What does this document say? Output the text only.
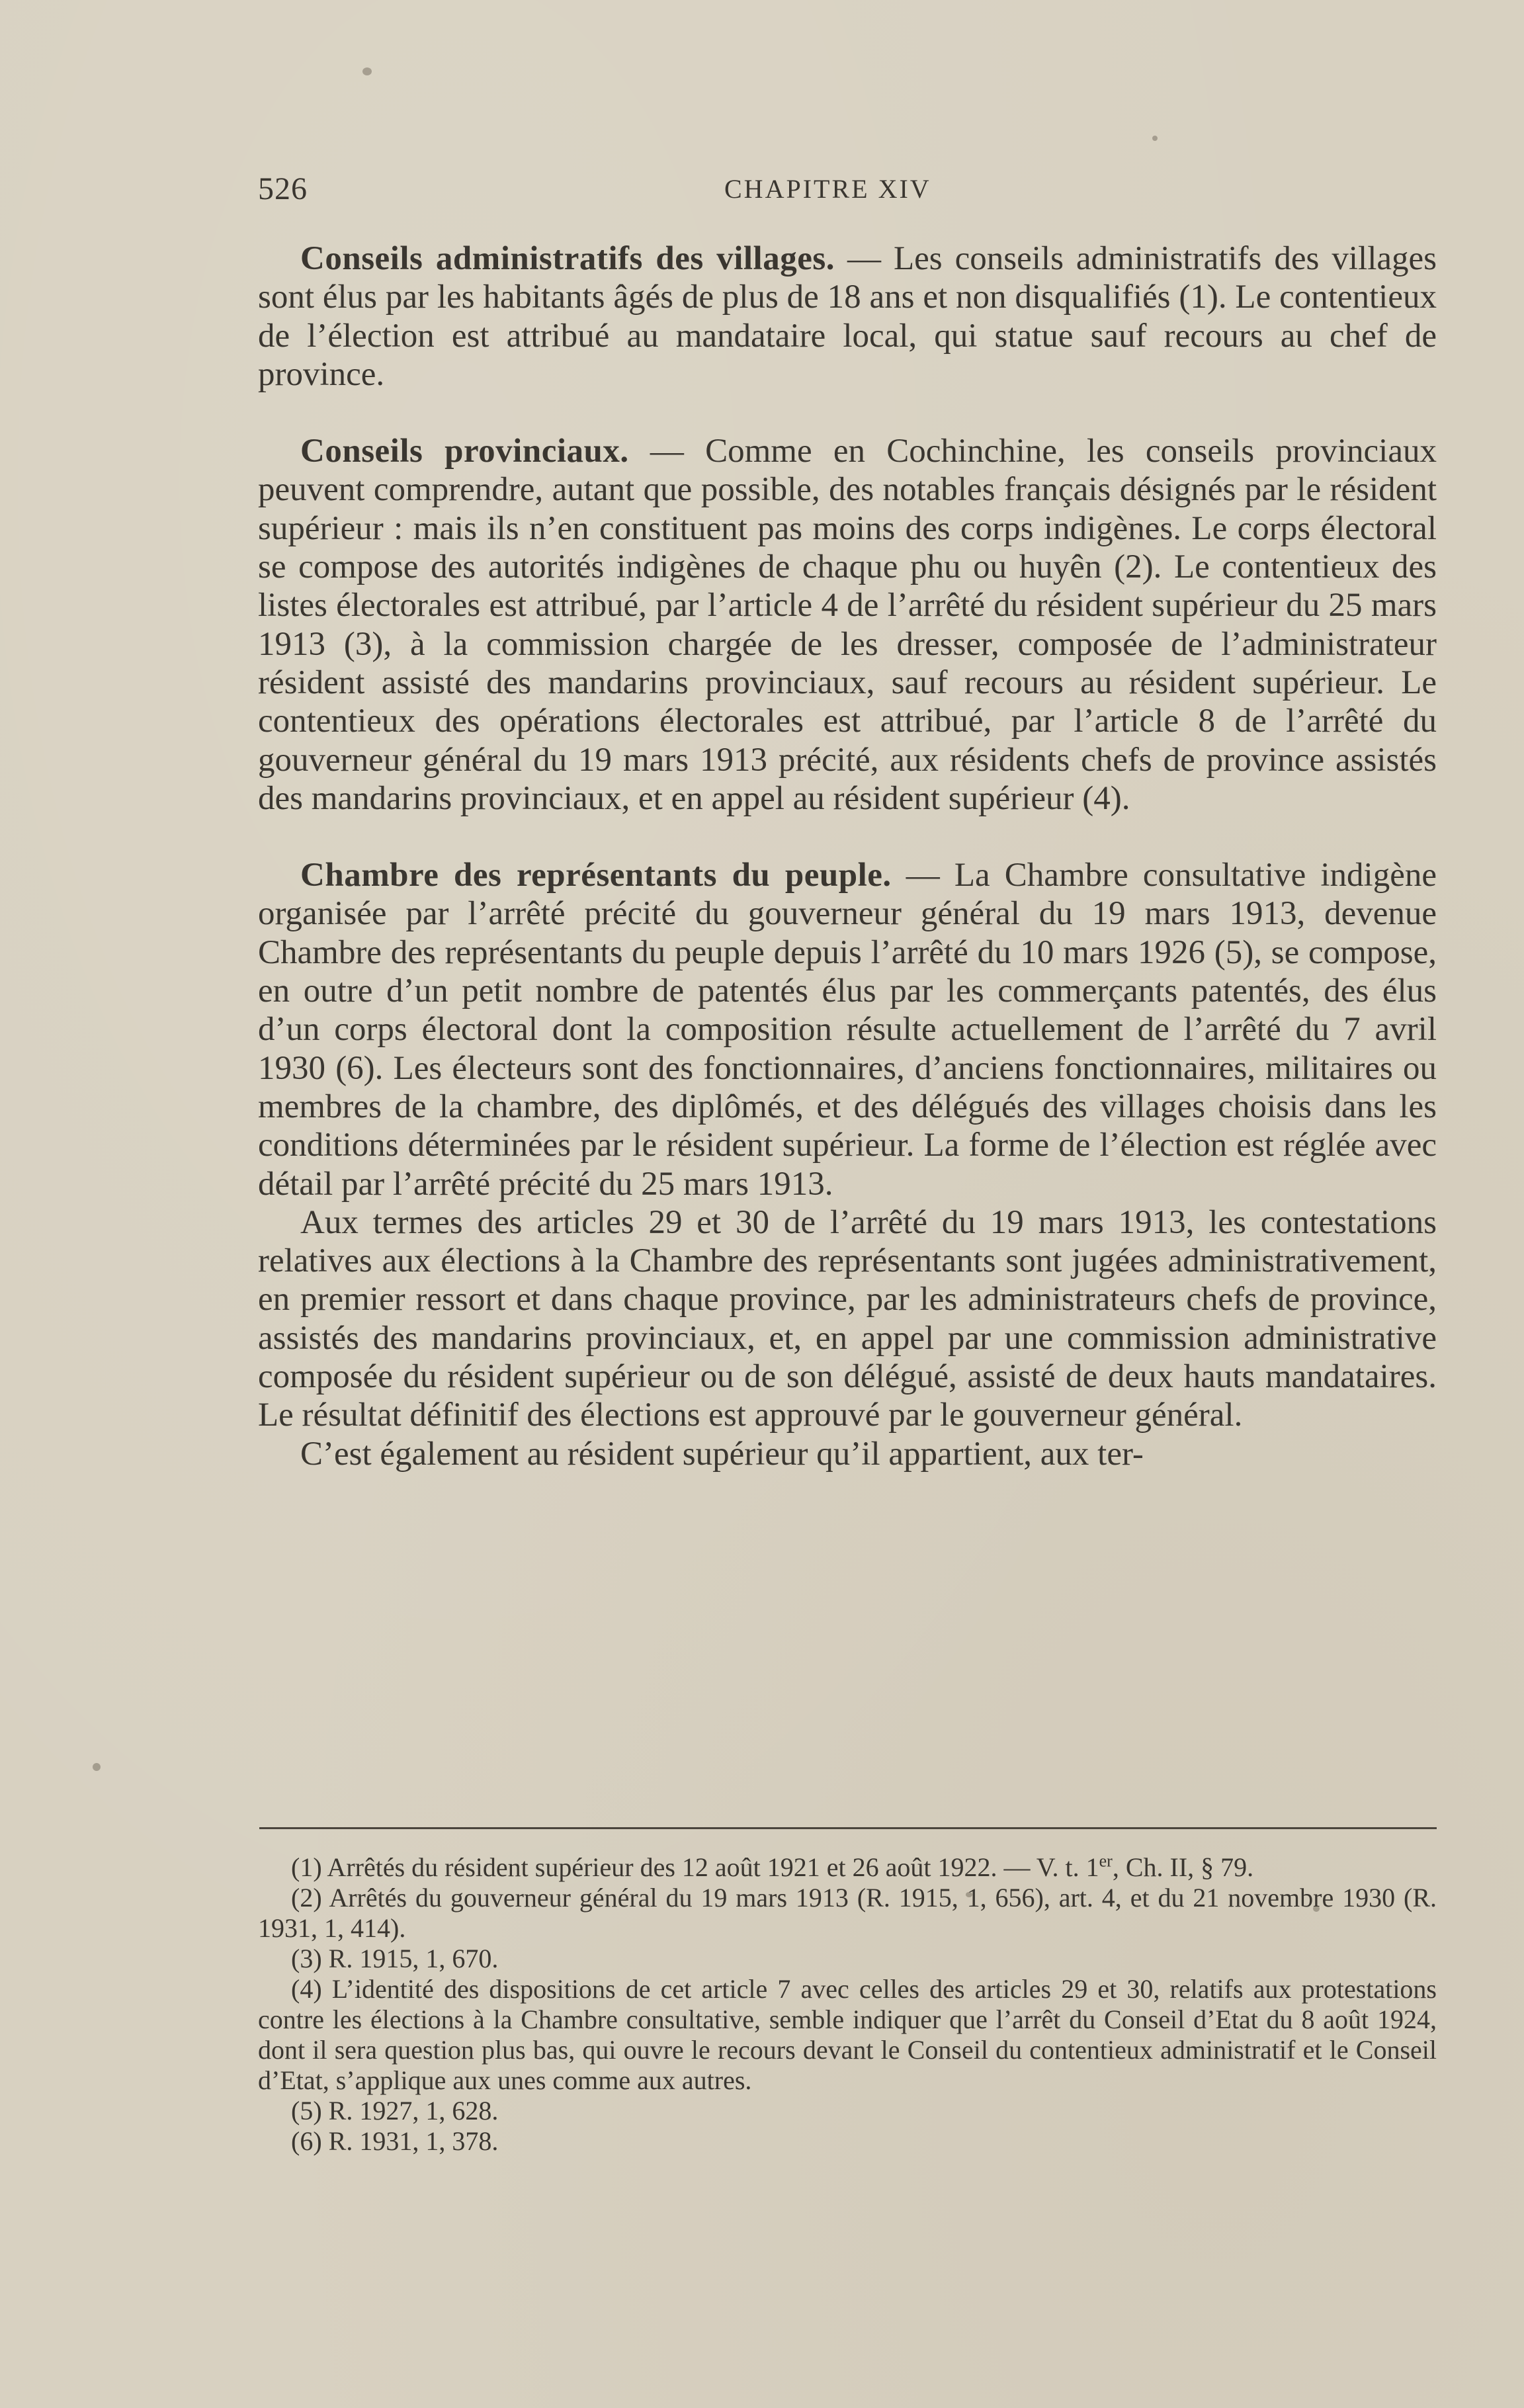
526	CHAPITRE XIV

Conseils administratifs des villages. — Les conseils administratifs des villages sont élus par les habitants âgés de plus de 18 ans et non disqualifiés (1). Le contentieux de l’élection est attribué au mandataire local, qui statue sauf recours au chef de province.

Conseils provinciaux. — Comme en Cochinchine, les conseils provinciaux peuvent comprendre, autant que possible, des notables français désignés par le résident supérieur : mais ils n’en constituent pas moins des corps indigènes. Le corps électoral se compose des autorités indigènes de chaque phu ou huyên (2). Le contentieux des listes électorales est attribué, par l’article 4 de l’arrêté du résident supérieur du 25 mars 1913 (3), à la commission chargée de les dresser, composée de l’administrateur résident assisté des mandarins provinciaux, sauf recours au résident supérieur. Le contentieux des opérations électorales est attribué, par l’article 8 de l’arrêté du gouverneur général du 19 mars 1913 précité, aux résidents chefs de province assistés des mandarins provinciaux, et en appel au résident supérieur (4).

Chambre des représentants du peuple. — La Chambre consultative indigène organisée par l’arrêté précité du gouverneur général du 19 mars 1913, devenue Chambre des représentants du peuple depuis l’arrêté du 10 mars 1926 (5), se compose, en outre d’un petit nombre de patentés élus par les commerçants patentés, des élus d’un corps électoral dont la composition résulte actuellement de l’arrêté du 7 avril 1930 (6). Les électeurs sont des fonctionnaires, d’anciens fonctionnaires, militaires ou membres de la chambre, des diplômés, et des délégués des villages choisis dans les conditions déterminées par le résident supérieur. La forme de l’élection est réglée avec détail par l’arrêté précité du 25 mars 1913.

Aux termes des articles 29 et 30 de l’arrêté du 19 mars 1913, les contestations relatives aux élections à la Chambre des représentants sont jugées administrativement, en premier ressort et dans chaque province, par les administrateurs chefs de province, assistés des mandarins provinciaux, et, en appel par une commission administrative composée du résident supérieur ou de son délégué, assisté de deux hauts mandataires. Le résultat définitif des élections est approuvé par le gouverneur général.

C’est également au résident supérieur qu’il appartient, aux ter-

(1) Arrêtés du résident supérieur des 12 août 1921 et 26 août 1922. — V. t. 1er, Ch. II, § 79.

(2) Arrêtés du gouverneur général du 19 mars 1913 (R. 1915, 1, 656), art. 4, et du 21 novembre 1930 (R. 1931, 1, 414).

(3) R. 1915, 1, 670.

(4) L’identité des dispositions de cet article 7 avec celles des articles 29 et 30, relatifs aux protestations contre les élections à la Chambre consultative, semble indiquer que l’arrêt du Conseil d’Etat du 8 août 1924, dont il sera question plus bas, qui ouvre le recours devant le Conseil du contentieux administratif et le Conseil d’Etat, s’applique aux unes comme aux autres.

(5) R. 1927, 1, 628.

(6) R. 1931, 1, 378.
